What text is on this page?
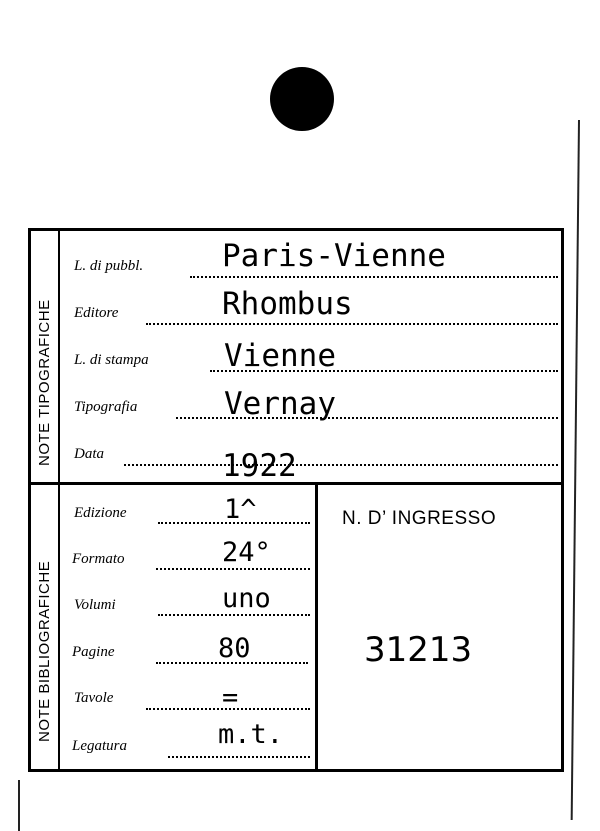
NOTE TIPOGRAFICHE
NOTE BIBLIOGRAFICHE
L. di pubbl.	Paris-Vienne
Editore	Rhombus
L. di stampa Vienne
Tipografia	Vernay
Data	1922
Edizione	1^
Formato	24°
Volumi	uno
Pagine	80
Tavole	=
Legatura	m.t.
N. D’ INGRESSO
31213
